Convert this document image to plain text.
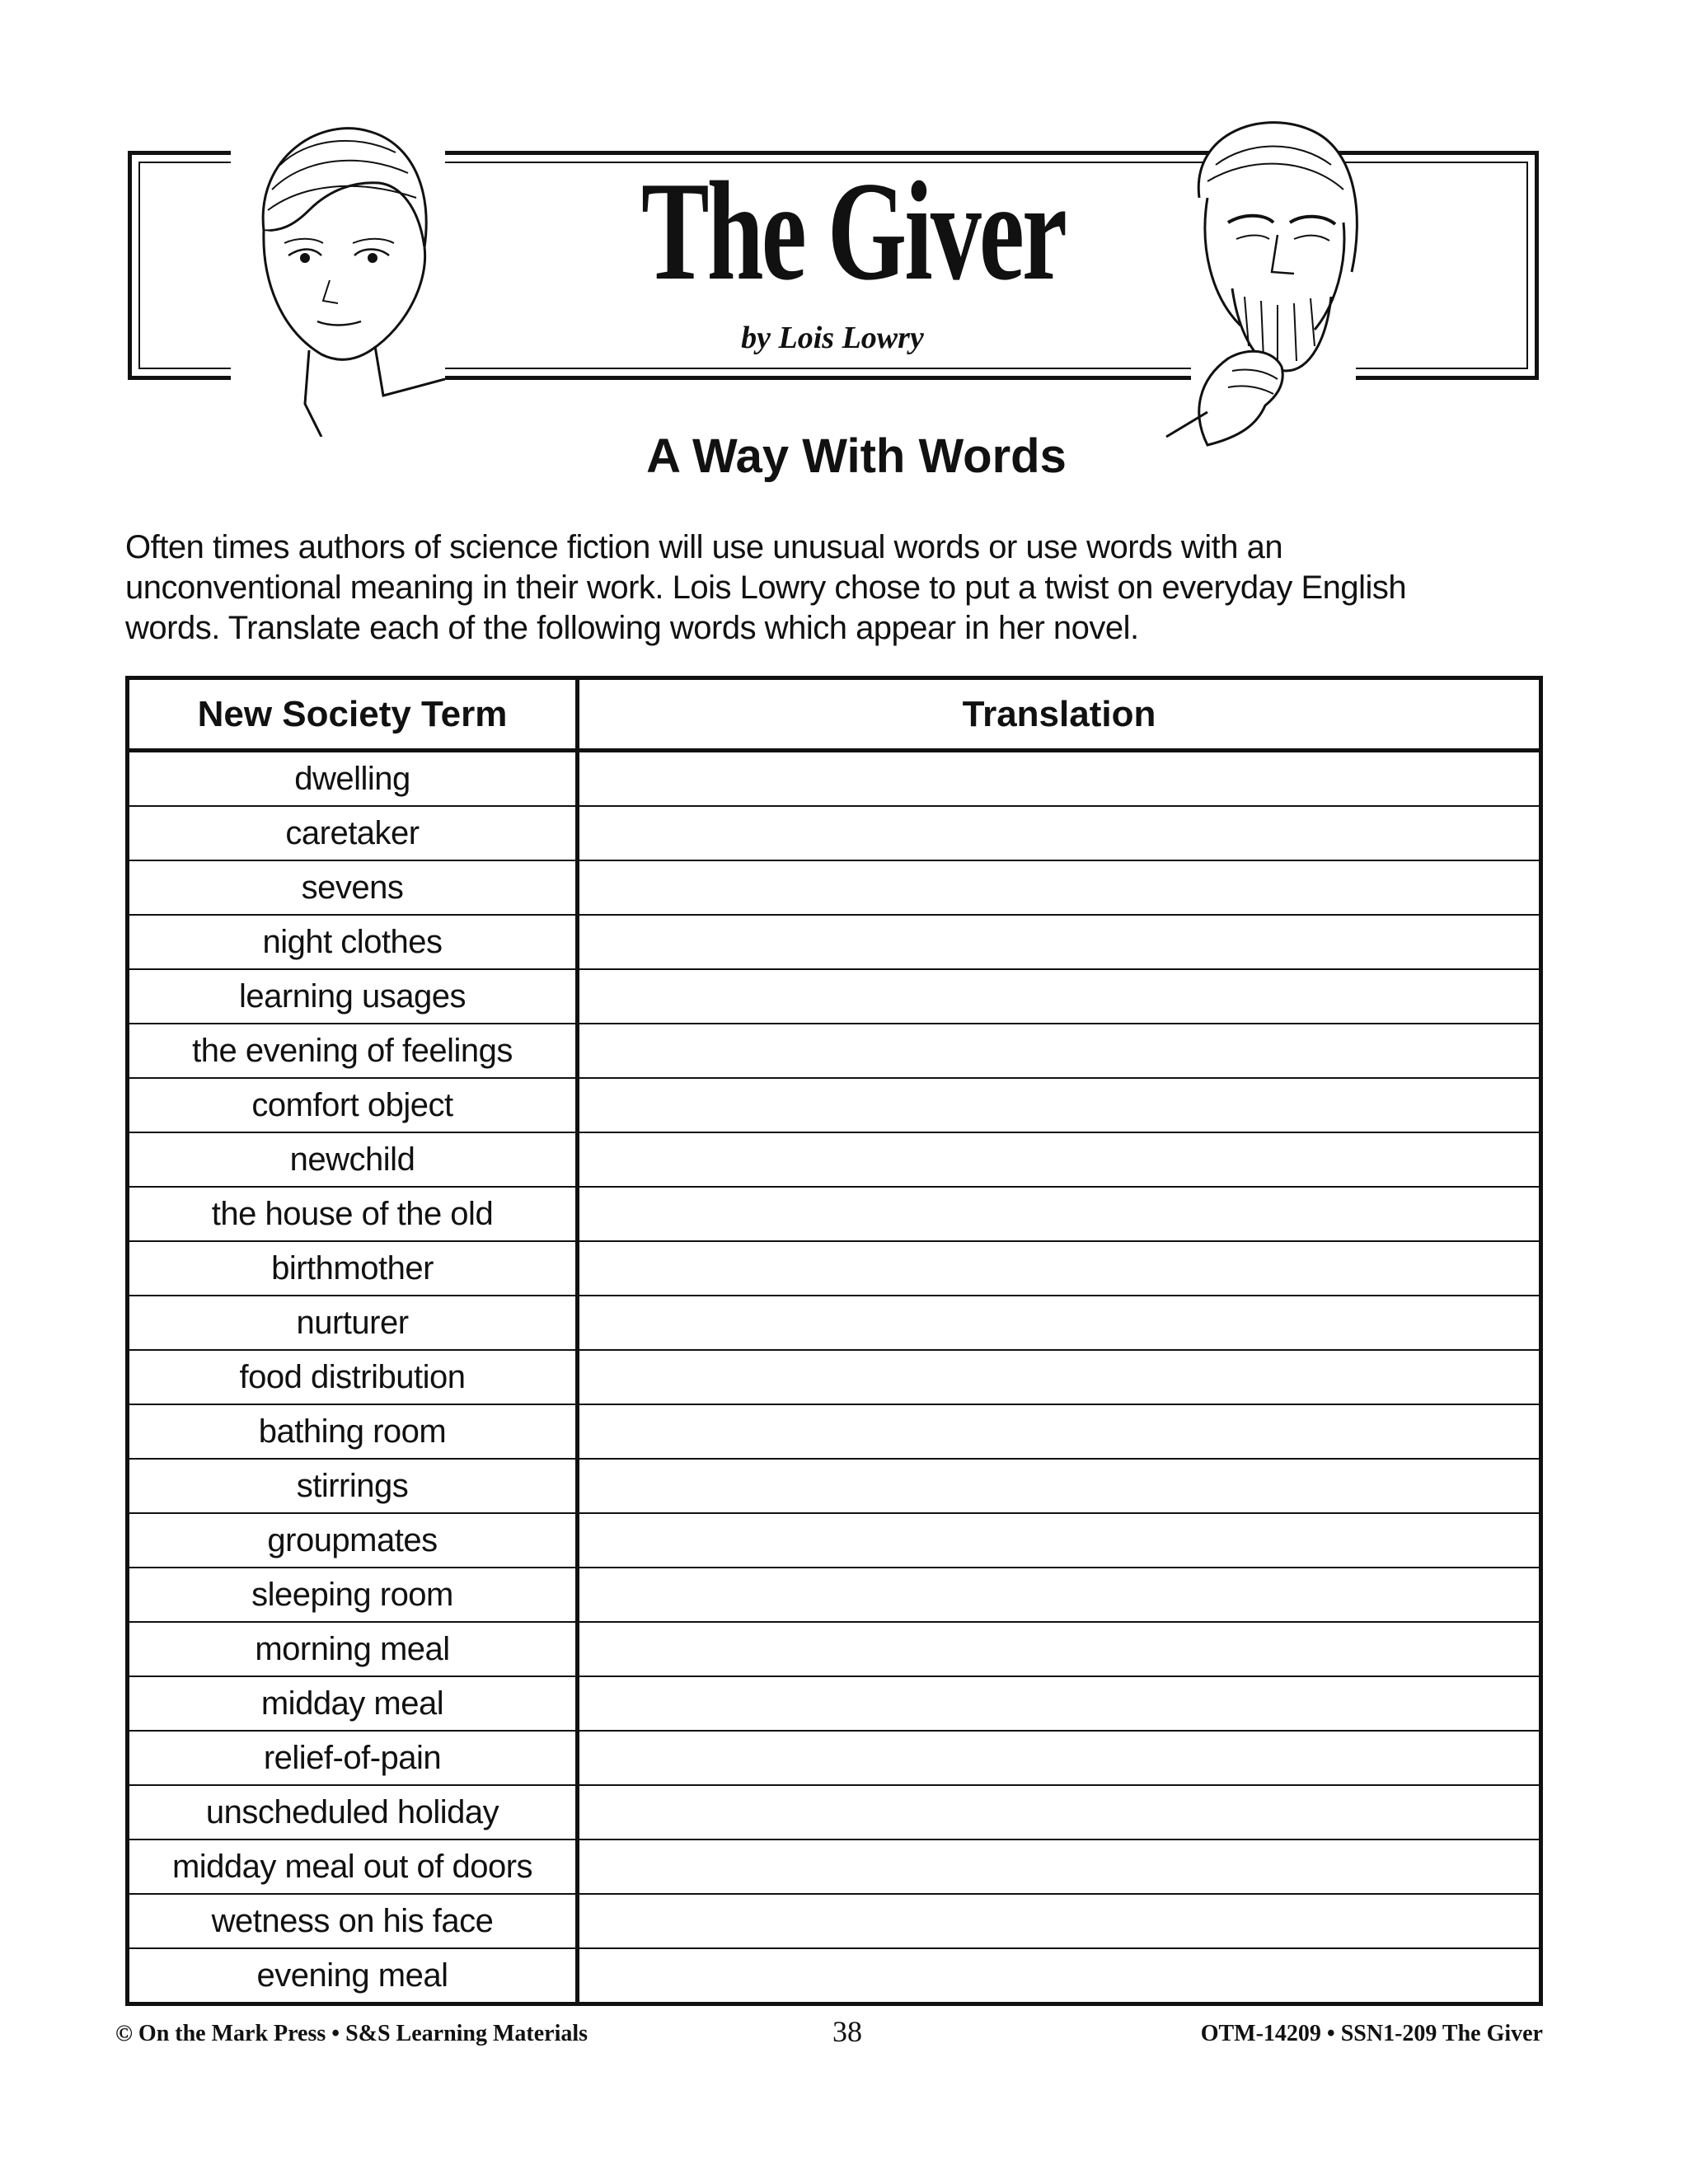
The Giver
by Lois Lowry
A Way With Words
Often times authors of science fiction will use unusual words or use words with an
unconventional meaning in their work. Lois Lowry chose to put a twist on everyday English
words. Translate each of the following words which appear in her novel.
New Society Term	Translation
dwelling
caretaker
sevens
night clothes
learning usages
the evening of feelings
comfort object
newchild
the house of the old
birthmother
nurturer
food distribution
bathing room
stirrings
groupmates
sleeping room
morning meal
midday meal
relief-of-pain
unscheduled holiday
midday meal out of doors
wetness on his face
evening meal
© On the Mark Press • S&S Learning Materials	38	OTM-14209 • SSN1-209 The Giver
